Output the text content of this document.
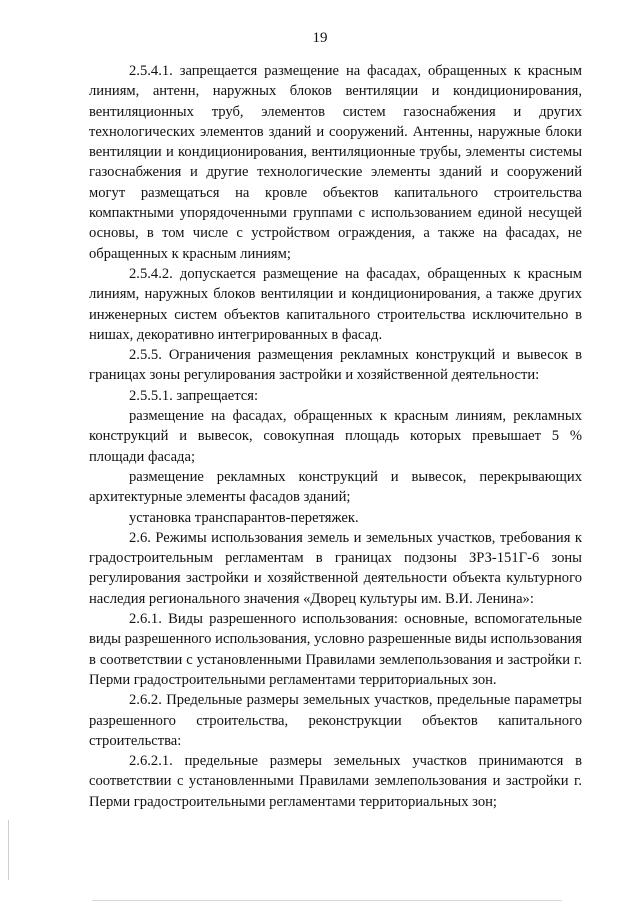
19

2.5.4.1. запрещается размещение на фасадах, обращенных к красным линиям, антенн, наружных блоков вентиляции и кондиционирования, вентиляционных труб, элементов систем газоснабжения и других технологических элементов зданий и сооружений. Антенны, наружные блоки вентиляции и кондиционирования, вентиляционные трубы, элементы системы газоснабжения и другие технологические элементы зданий и сооружений могут размещаться на кровле объектов капитального строительства компактными упорядоченными группами с использованием единой несущей основы, в том числе с устройством ограждения, а также на фасадах, не обращенных к красным линиям;

2.5.4.2. допускается размещение на фасадах, обращенных к красным линиям, наружных блоков вентиляции и кондиционирования, а также других инженерных систем объектов капитального строительства исключительно в нишах, декоративно интегрированных в фасад.

2.5.5. Ограничения размещения рекламных конструкций и вывесок в границах зоны регулирования застройки и хозяйственной деятельности:

2.5.5.1. запрещается:

размещение на фасадах, обращенных к красным линиям, рекламных конструкций и вывесок, совокупная площадь которых превышает 5 % площади фасада;

размещение рекламных конструкций и вывесок, перекрывающих архитектурные элементы фасадов зданий;

установка транспарантов-перетяжек.

2.6. Режимы использования земель и земельных участков, требования к градостроительным регламентам в границах подзоны ЗРЗ-151Г-6 зоны регулирования застройки и хозяйственной деятельности объекта культурного наследия регионального значения «Дворец культуры им. В.И. Ленина»:

2.6.1. Виды разрешенного использования: основные, вспомогательные виды разрешенного использования, условно разрешенные виды использования в соответствии с установленными Правилами землепользования и застройки г. Перми градостроительными регламентами территориальных зон.

2.6.2. Предельные размеры земельных участков, предельные параметры разрешенного строительства, реконструкции объектов капитального строительства:

2.6.2.1. предельные размеры земельных участков принимаются в соответствии с установленными Правилами землепользования и застройки г. Перми градостроительными регламентами территориальных зон;
